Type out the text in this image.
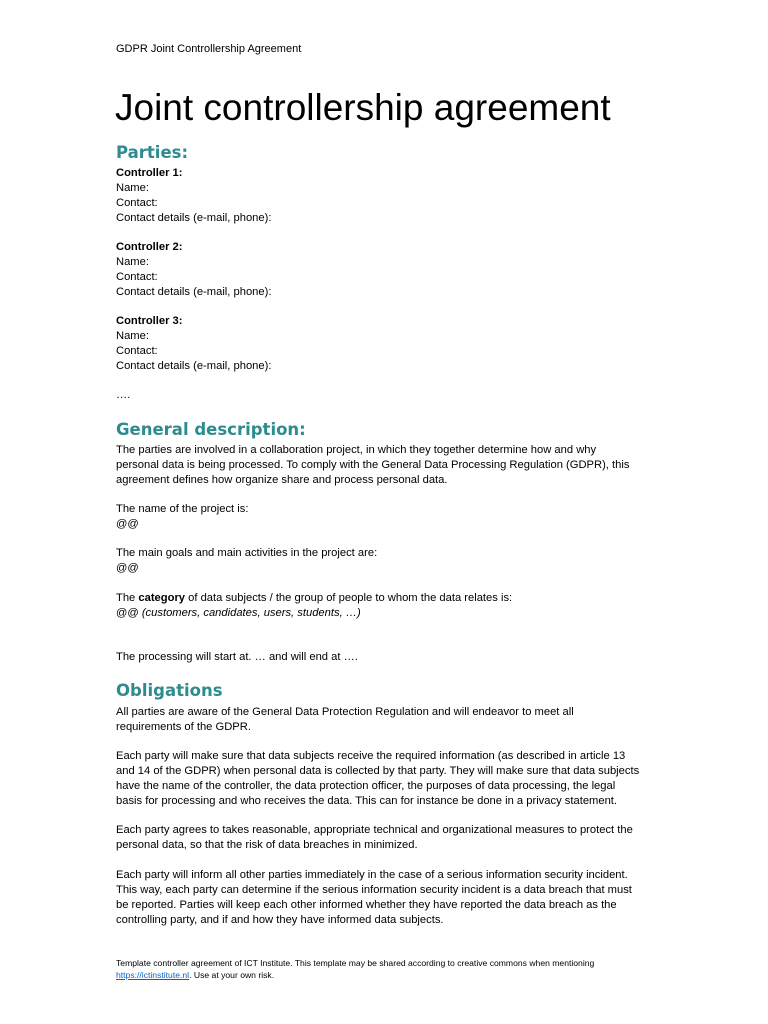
GDPR Joint Controllership Agreement
Joint controllership agreement
Parties:
Controller 1:
Name:
Contact:
Contact details (e-mail, phone):
Controller 2:
Name:
Contact:
Contact details (e-mail, phone):
Controller 3:
Name:
Contact:
Contact details (e-mail, phone):
….
General description:
The parties are involved in a collaboration project, in which they together determine how and why
personal data is being processed. To comply with the General Data Processing Regulation (GDPR), this
agreement defines how organize share and process personal data.
The name of the project is:
@@
The main goals and main activities in the project are:
@@
The category of data subjects / the group of people to whom the data relates is:
@@ (customers, candidates, users, students, …)
The processing will start at. … and will end at ….
Obligations
All parties are aware of the General Data Protection Regulation and will endeavor to meet all
requirements of the GDPR.
Each party will make sure that data subjects receive the required information (as described in article 13
and 14 of the GDPR) when personal data is collected by that party. They will make sure that data subjects
have the name of the controller, the data protection officer, the purposes of data processing, the legal
basis for processing and who receives the data. This can for instance be done in a privacy statement.
Each party agrees to takes reasonable, appropriate technical and organizational measures to protect the
personal data, so that the risk of data breaches in minimized.
Each party will inform all other parties immediately in the case of a serious information security incident.
This way, each party can determine if the serious information security incident is a data breach that must
be reported. Parties will keep each other informed whether they have reported the data breach as the
controlling party, and if and how they have informed data subjects.
Template controller agreement of ICT Institute. This template may be shared according to creative commons when mentioning
https://ictinstitute.nl. Use at your own risk.
